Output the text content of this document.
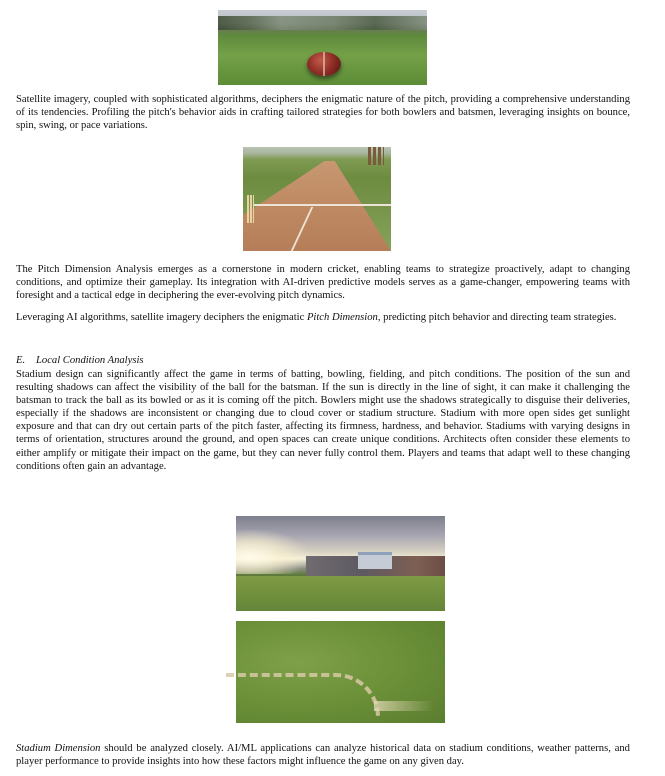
Satellite imagery, coupled with sophisticated algorithms, deciphers the enigmatic nature of the pitch, providing a comprehensive understanding of its tendencies. Profiling the pitch's behavior aids in crafting tailored strategies for both bowlers and batsmen, leveraging insights on bounce, spin, swing, or pace variations.

The Pitch Dimension Analysis emerges as a cornerstone in modern cricket, enabling teams to strategize proactively, adapt to changing conditions, and optimize their gameplay. Its integration with AI-driven predictive models serves as a game-changer, empowering teams with foresight and a tactical edge in deciphering the ever-evolving pitch dynamics.

Leveraging AI algorithms, satellite imagery deciphers the enigmatic Pitch Dimension, predicting pitch behavior and directing team strategies.

E. Local Condition Analysis

Stadium design can significantly affect the game in terms of batting, bowling, fielding, and pitch conditions. The position of the sun and resulting shadows can affect the visibility of the ball for the batsman. If the sun is directly in the line of sight, it can make it challenging the batsman to track the ball as its bowled or as it is coming off the pitch. Bowlers might use the shadows strategically to disguise their deliveries, especially if the shadows are inconsistent or changing due to cloud cover or stadium structure. Stadium with more open sides get sunlight exposure and that can dry out certain parts of the pitch faster, affecting its firmness, hardness, and behavior. Stadiums with varying designs in terms of orientation, structures around the ground, and open spaces can create unique conditions. Architects often consider these elements to either amplify or mitigate their impact on the game, but they can never fully control them. Players and teams that adapt well to these changing conditions often gain an advantage.

Stadium Dimension should be analyzed closely. AI/ML applications can analyze historical data on stadium conditions, weather patterns, and player performance to provide insights into how these factors might influence the game on any given day.
